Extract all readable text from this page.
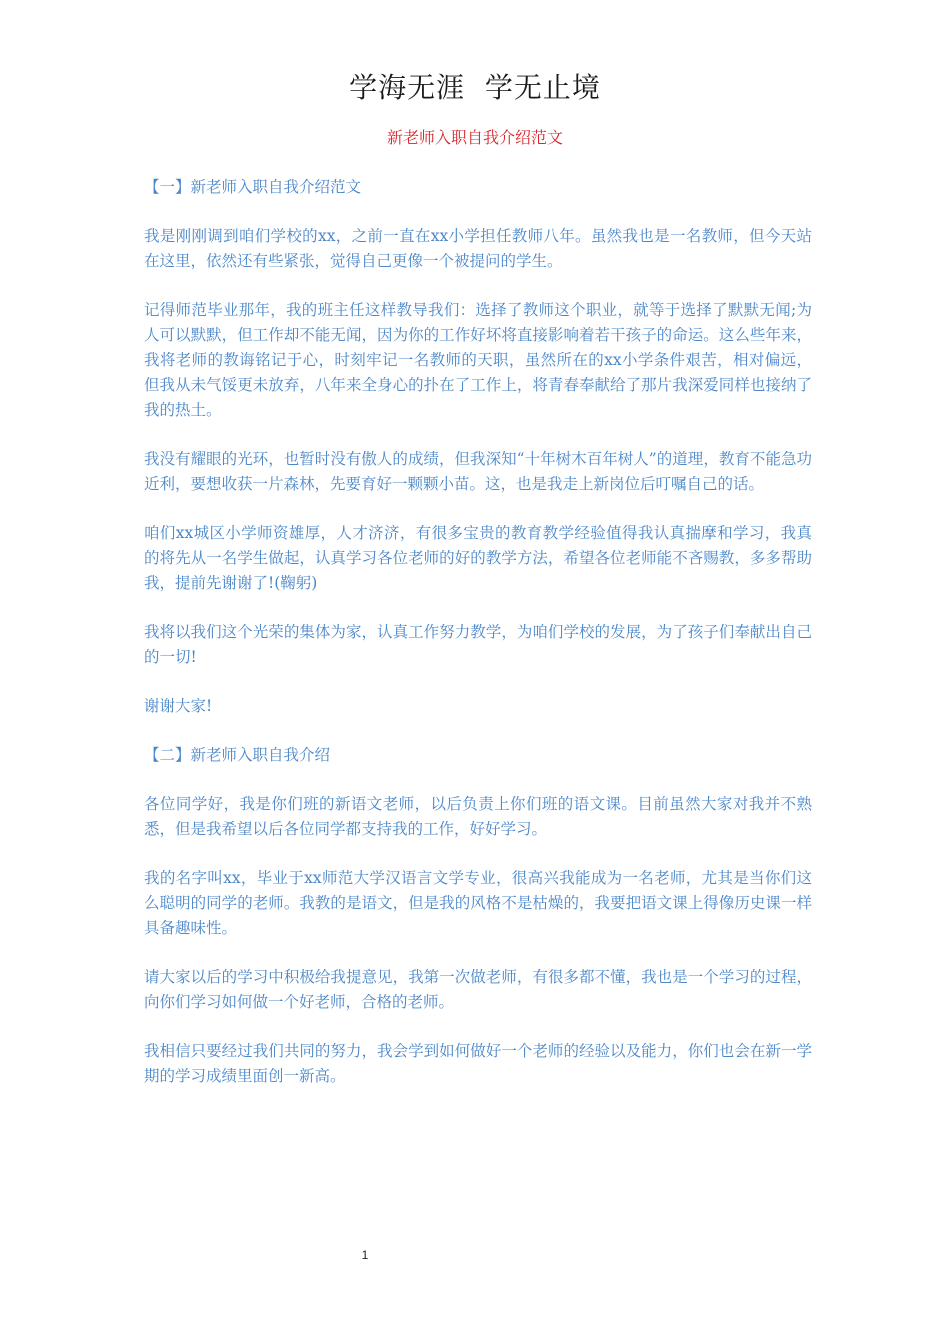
学海无涯  学无止境
新老师入职自我介绍范文
【一】新老师入职自我介绍范文

我是刚刚调到咱们学校的xx，之前一直在xx小学担任教师八年。虽然我也是一名教师，但今天站在这里，依然还有些紧张，觉得自己更像一个被提问的学生。

记得师范毕业那年，我的班主任这样教导我们：选择了教师这个职业，就等于选择了默默无闻;为人可以默默，但工作却不能无闻，因为你的工作好坏将直接影响着若干孩子的命运。这么些年来，我将老师的教诲铭记于心，时刻牢记一名教师的天职，虽然所在的xx小学条件艰苦，相对偏远，但我从未气馁更未放弃，八年来全身心的扑在了工作上，将青春奉献给了那片我深爱同样也接纳了我的热土。

我没有耀眼的光环，也暂时没有傲人的成绩，但我深知“十年树木百年树人”的道理，教育不能急功近利，要想收获一片森林，先要育好一颗颗小苗。这，也是我走上新岗位后叮嘱自己的话。

咱们xx城区小学师资雄厚，人才济济，有很多宝贵的教育教学经验值得我认真揣摩和学习，我真的将先从一名学生做起，认真学习各位老师的好的教学方法，希望各位老师能不吝赐教，多多帮助我，提前先谢谢了!(鞠躬)

我将以我们这个光荣的集体为家，认真工作努力教学，为咱们学校的发展，为了孩子们奉献出自己的一切!

谢谢大家!

【二】新老师入职自我介绍

各位同学好，我是你们班的新语文老师，以后负责上你们班的语文课。目前虽然大家对我并不熟悉，但是我希望以后各位同学都支持我的工作，好好学习。

我的名字叫xx，毕业于xx师范大学汉语言文学专业，很高兴我能成为一名老师，尤其是当你们这么聪明的同学的老师。我教的是语文，但是我的风格不是枯燥的，我要把语文课上得像历史课一样具备趣味性。

请大家以后的学习中积极给我提意见，我第一次做老师，有很多都不懂，我也是一个学习的过程，向你们学习如何做一个好老师，合格的老师。

我相信只要经过我们共同的努力，我会学到如何做好一个老师的经验以及能力，你们也会在新一学期的学习成绩里面创一新高。

1
